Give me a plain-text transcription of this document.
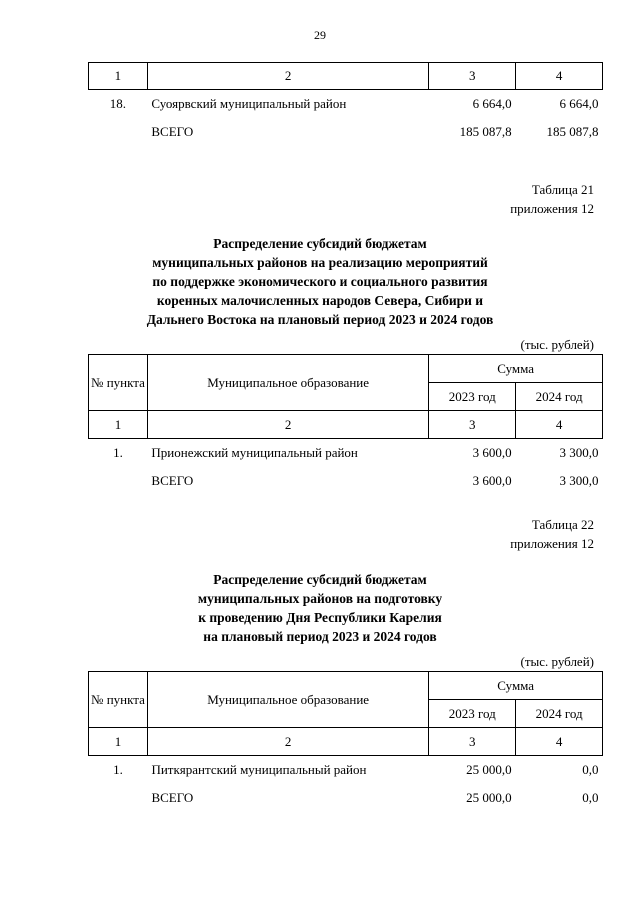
29
1	2	3	4
18.	Суоярвский муниципальный район	6 664,0	6 664,0
	ВСЕГО	185 087,8	185 087,8
Таблица 21
приложения 12
Распределение субсидий бюджетам
муниципальных районов на реализацию мероприятий
по поддержке экономического и социального развития
коренных малочисленных народов Севера, Сибири и
Дальнего Востока на плановый период 2023 и 2024 годов
(тыс. рублей)
№ пункта	Муниципальное образование	Сумма	
		2023 год	2024 год
1	2	3	4
1.	Прионежский муниципальный район	3 600,0	3 300,0
	ВСЕГО	3 600,0	3 300,0
Таблица 22
приложения 12
Распределение субсидий бюджетам
муниципальных районов на подготовку
к проведению Дня Республики Карелия
на плановый период 2023 и 2024 годов
(тыс. рублей)
№ пункта	Муниципальное образование	Сумма	
		2023 год	2024 год
1	2	3	4
1.	Питкярантский муниципальный район	25 000,0	0,0
	ВСЕГО	25 000,0	0,0
